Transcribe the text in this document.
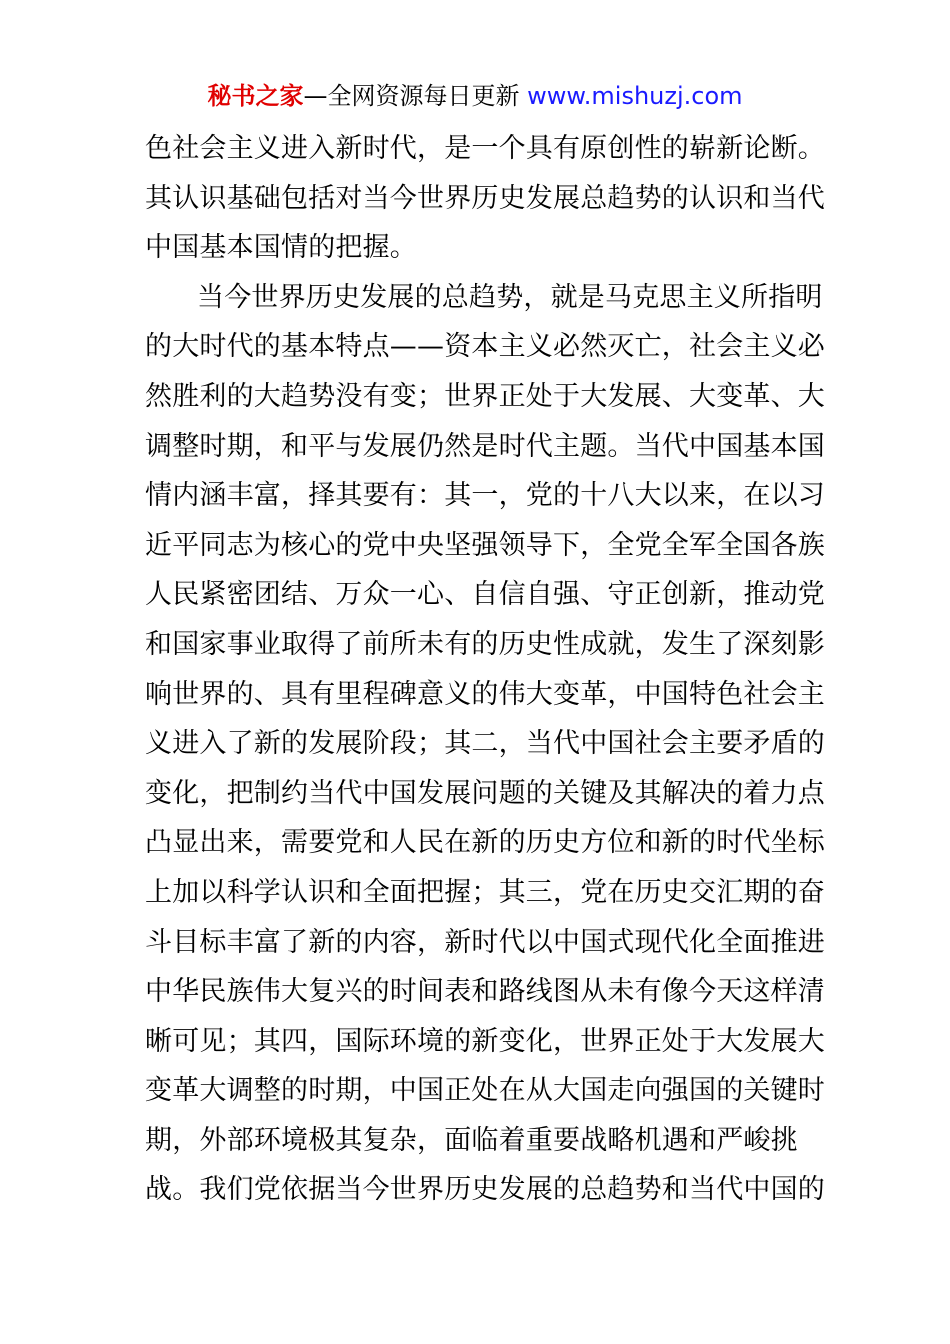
秘书之家—全网资源每日更新 www.mishuzj.com
色社会主义进入新时代，是一个具有原创性的崭新论断。
其认识基础包括对当今世界历史发展总趋势的认识和当代
中国基本国情的把握。
当今世界历史发展的总趋势，就是马克思主义所指明
的大时代的基本特点——资本主义必然灭亡，社会主义必
然胜利的大趋势没有变；世界正处于大发展、大变革、大
调整时期，和平与发展仍然是时代主题。当代中国基本国
情内涵丰富，择其要有：其一，党的十八大以来，在以习
近平同志为核心的党中央坚强领导下，全党全军全国各族
人民紧密团结、万众一心、自信自强、守正创新，推动党
和国家事业取得了前所未有的历史性成就，发生了深刻影
响世界的、具有里程碑意义的伟大变革，中国特色社会主
义进入了新的发展阶段；其二，当代中国社会主要矛盾的
变化，把制约当代中国发展问题的关键及其解决的着力点
凸显出来，需要党和人民在新的历史方位和新的时代坐标
上加以科学认识和全面把握；其三，党在历史交汇期的奋
斗目标丰富了新的内容，新时代以中国式现代化全面推进
中华民族伟大复兴的时间表和路线图从未有像今天这样清
晰可见；其四，国际环境的新变化，世界正处于大发展大
变革大调整的时期，中国正处在从大国走向强国的关键时
期，外部环境极其复杂，面临着重要战略机遇和严峻挑
战。我们党依据当今世界历史发展的总趋势和当代中国的
